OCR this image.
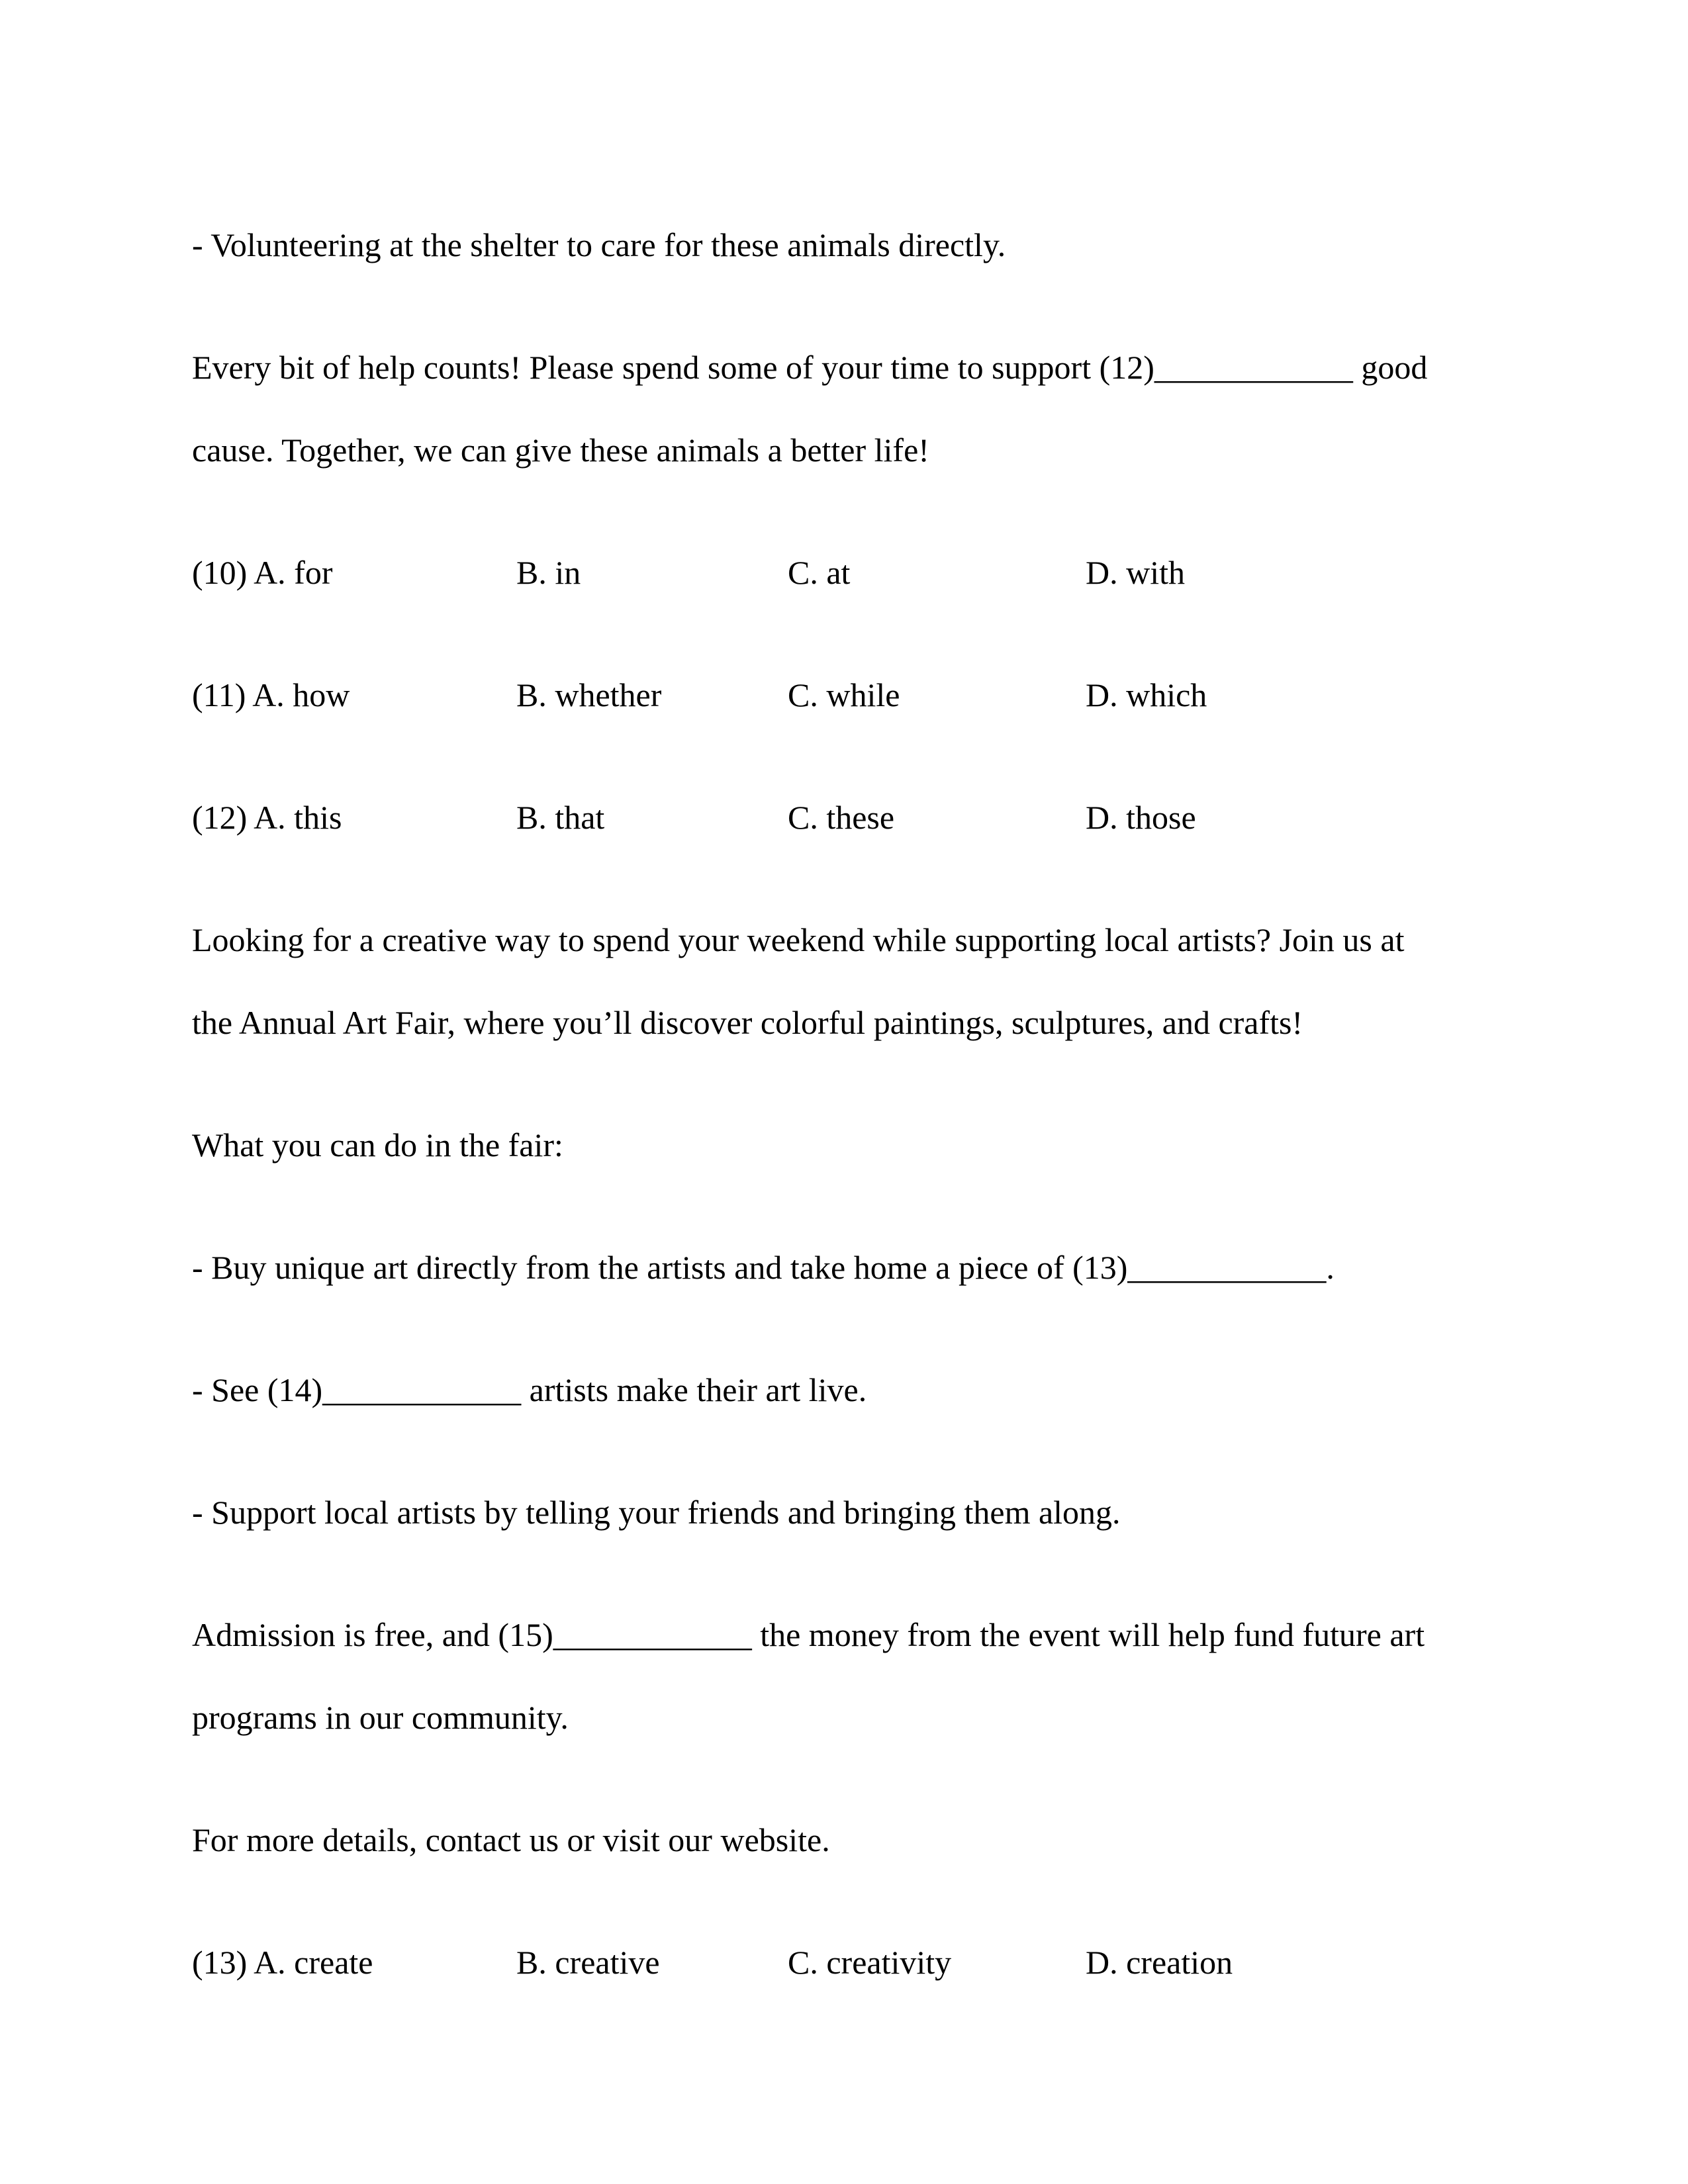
- Volunteering at the shelter to care for these animals directly.
Every bit of help counts! Please spend some of your time to support (12)____________ good
cause. Together, we can give these animals a better life!
(10) A. for	B. in	C. at	D. with
(11) A. how	B. whether	C. while	D. which
(12) A. this	B. that	C. these	D. those
Looking for a creative way to spend your weekend while supporting local artists? Join us at
the Annual Art Fair, where you’ll discover colorful paintings, sculptures, and crafts!
What you can do in the fair:
- Buy unique art directly from the artists and take home a piece of (13)____________.
- See (14)____________ artists make their art live.
- Support local artists by telling your friends and bringing them along.
Admission is free, and (15)____________ the money from the event will help fund future art
programs in our community.
For more details, contact us or visit our website.
(13) A. create	B. creative	C. creativity	D. creation
